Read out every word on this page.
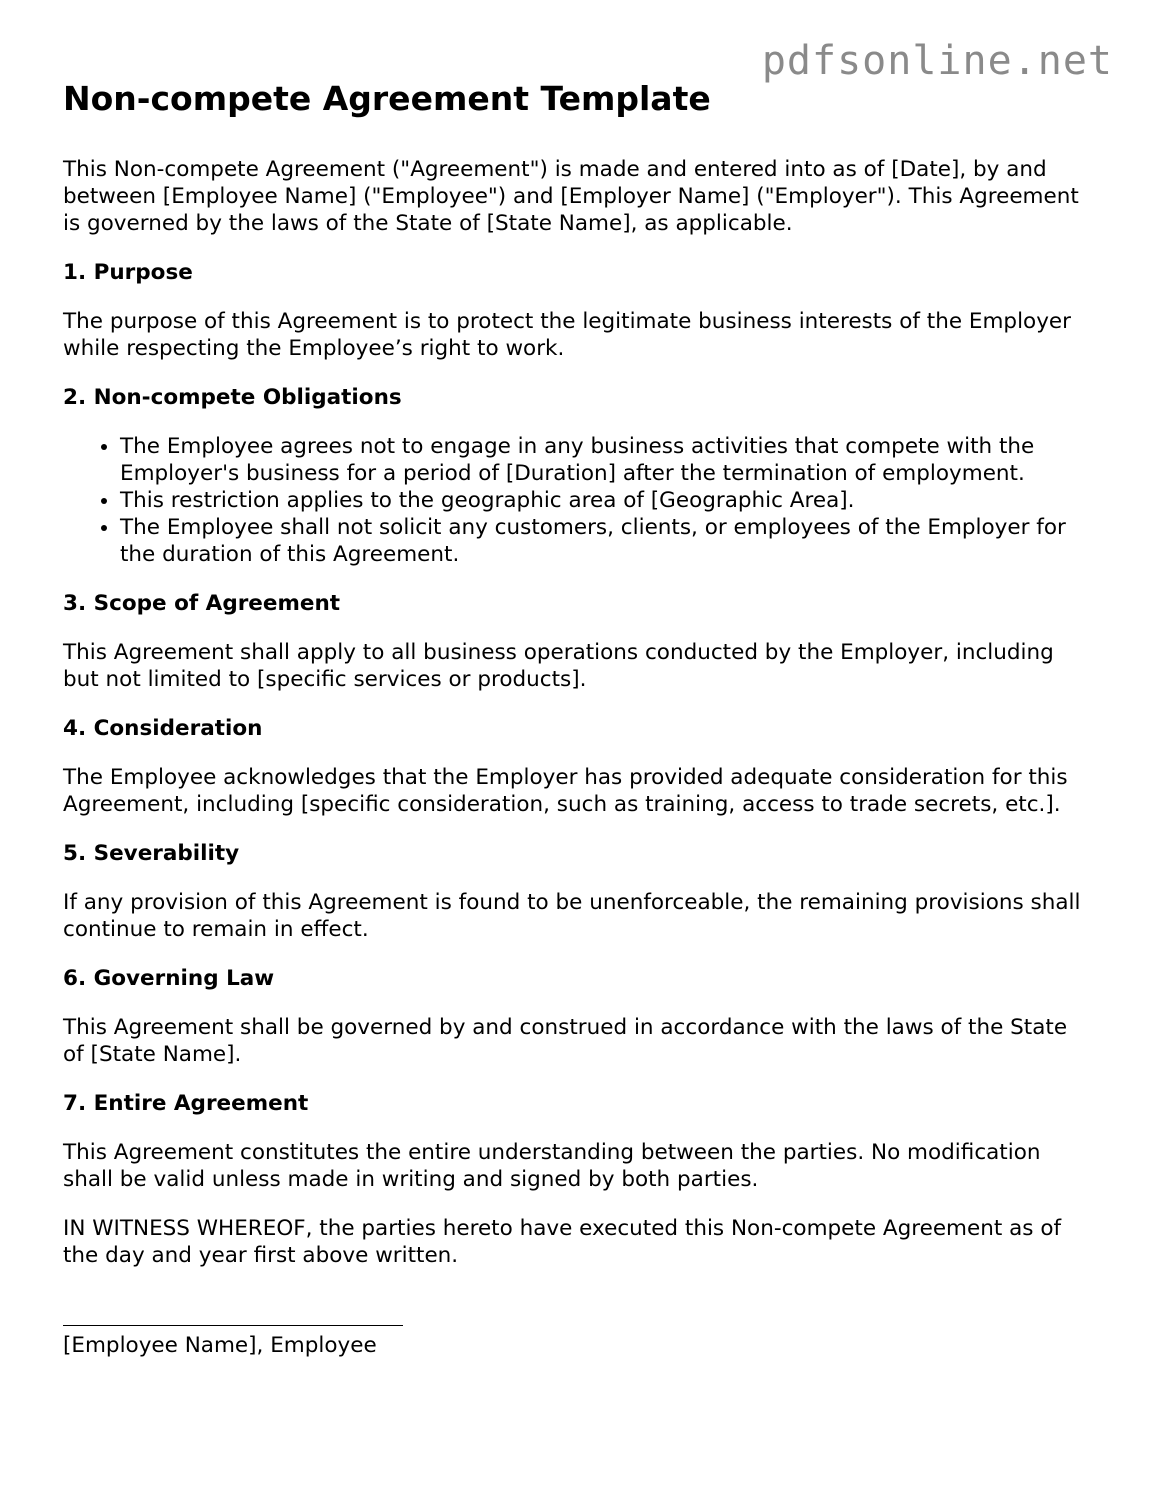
pdfsonline.net
Non-compete Agreement Template

This Non-compete Agreement ("Agreement") is made and entered into as of [Date], by and between [Employee Name] ("Employee") and [Employer Name] ("Employer"). This Agreement is governed by the laws of the State of [State Name], as applicable.

1. Purpose

The purpose of this Agreement is to protect the legitimate business interests of the Employer while respecting the Employee’s right to work.

2. Non-compete Obligations
• The Employee agrees not to engage in any business activities that compete with the Employer's business for a period of [Duration] after the termination of employment.
• This restriction applies to the geographic area of [Geographic Area].
• The Employee shall not solicit any customers, clients, or employees of the Employer for the duration of this Agreement.
3. Scope of Agreement

This Agreement shall apply to all business operations conducted by the Employer, including but not limited to [specific services or products].

4. Consideration

The Employee acknowledges that the Employer has provided adequate consideration for this Agreement, including [specific consideration, such as training, access to trade secrets, etc.].

5. Severability

If any provision of this Agreement is found to be unenforceable, the remaining provisions shall continue to remain in effect.

6. Governing Law

This Agreement shall be governed by and construed in accordance with the laws of the State of [State Name].

7. Entire Agreement

This Agreement constitutes the entire understanding between the parties. No modification shall be valid unless made in writing and signed by both parties.

IN WITNESS WHEREOF, the parties hereto have executed this Non-compete Agreement as of the day and year first above written.

[Employee Name], Employee
